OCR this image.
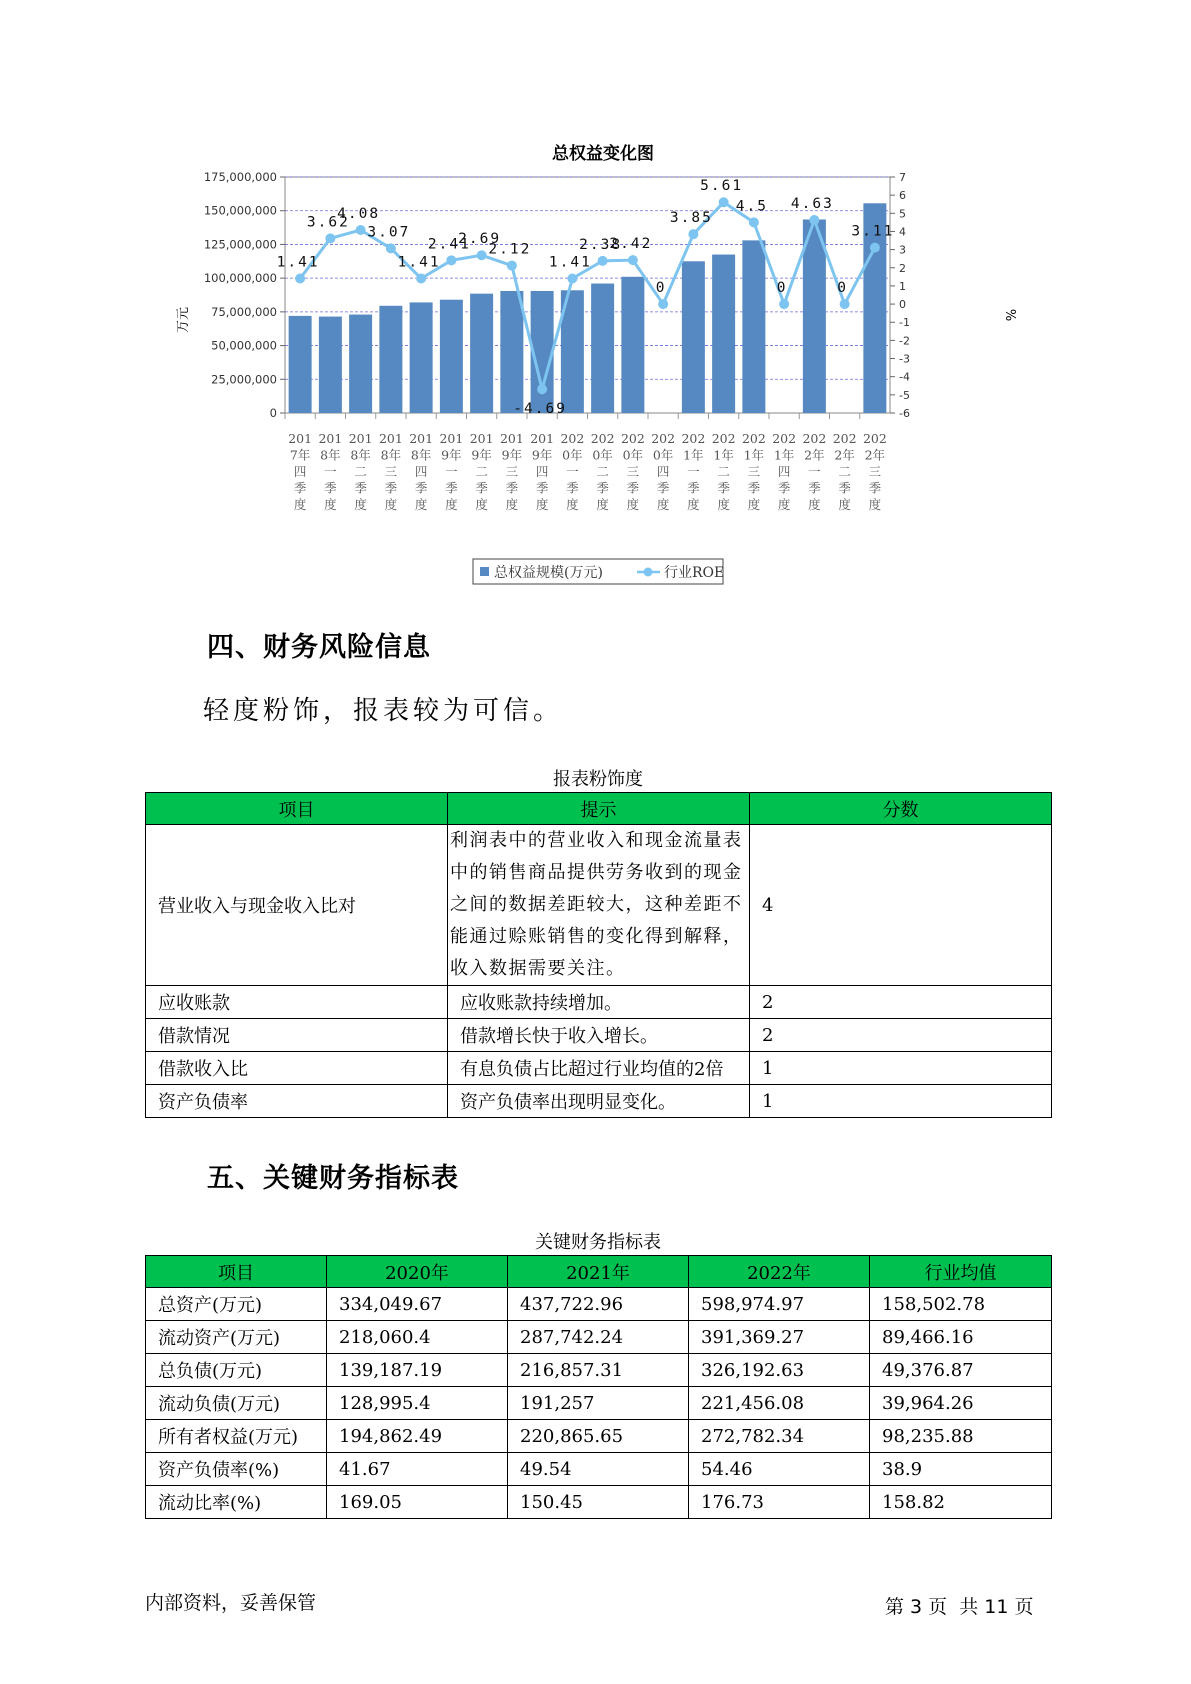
总权益变化图
万元	%
1.41
3.62
4.08
3.07
1.41
2.41
2.69
2.12
-4.69
1.41
2.38
2.42
0
3.85
5.61
4.5
0
4.63
0
3.11
0
25,000,000
50,000,000
75,000,000
100,000,000
125,000,000
150,000,000
175,000,000
-6
-5
-4
-3
-2
-1
0
1
2
3
4
5
6
7
201
7年
四
季
度
201
8年
一
季
度
201
8年
二
季
度
201
8年
三
季
度
201
8年
四
季
度
201
9年
一
季
度
201
9年
二
季
度
201
9年
三
季
度
201
9年
四
季
度
202
0年
一
季
度
202
0年
二
季
度
202
0年
三
季
度
202
0年
四
季
度
202
1年
一
季
度
202
1年
二
季
度
202
1年
三
季
度
202
1年
四
季
度
202
2年
一
季
度
202
2年
二
季
度
202
2年
三
季
度
总权益规模(万元)	行业ROE
四、财务风险信息
轻度粉饰，报表较为可信。
报表粉饰度
项目	提示	分数
营业收入与现金收入比对	利润表中的营业收入和现金流量表中的销售商品提供劳务收到的现金之间的数据差距较大，这种差距不能通过赊账销售的变化得到解释，收入数据需要关注。	4
应收账款	应收账款持续增加。	2
借款情况	借款增长快于收入增长。	2
借款收入比	有息负债占比超过行业均值的2倍	1
资产负债率	资产负债率出现明显变化。	1
五、关键财务指标表
关键财务指标表
项目	2020年	2021年	2022年	行业均值
总资产(万元)	334,049.67	437,722.96	598,974.97	158,502.78
流动资产(万元)	218,060.4	287,742.24	391,369.27	89,466.16
总负债(万元)	139,187.19	216,857.31	326,192.63	49,376.87
流动负债(万元)	128,995.4	191,257	221,456.08	39,964.26
所有者权益(万元)	194,862.49	220,865.65	272,782.34	98,235.88
资产负债率(%)	41.67	49.54	54.46	38.9
流动比率(%)	169.05	150.45	176.73	158.82
内部资料，妥善保管	第 3 页  共 11 页
